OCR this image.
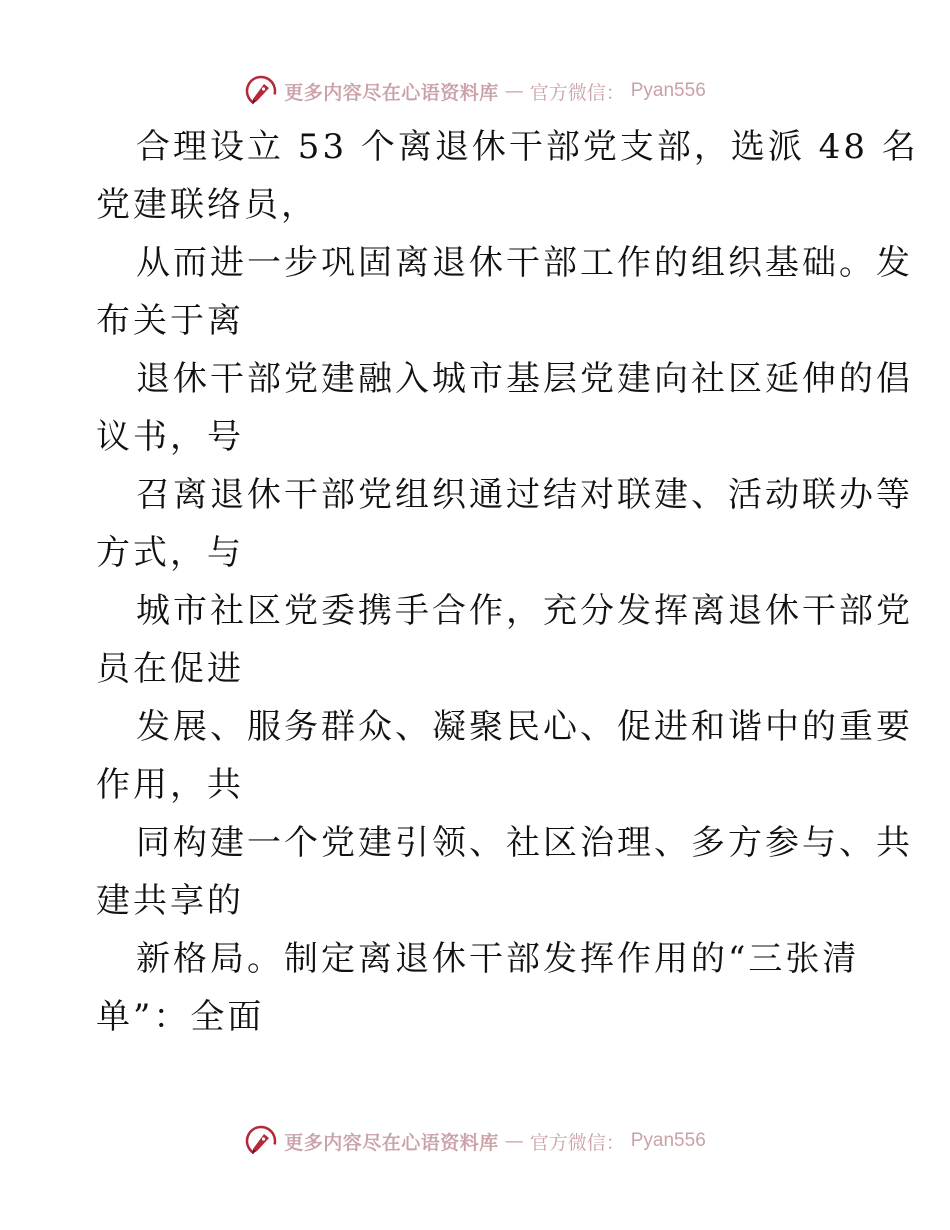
更多内容尽在心语资料库 — 官方微信： Pyan556
合理设立 53 个离退休干部党支部，选派 48 名
党建联络员，
从而进一步巩固离退休干部工作的组织基础。发
布关于离
退休干部党建融入城市基层党建向社区延伸的倡
议书，号
召离退休干部党组织通过结对联建、活动联办等
方式，与
城市社区党委携手合作，充分发挥离退休干部党
员在促进
发展、服务群众、凝聚民心、促进和谐中的重要
作用，共
同构建一个党建引领、社区治理、多方参与、共
建共享的
新格局。制定离退休干部发挥作用的“三张清
单”：全面
更多内容尽在心语资料库 — 官方微信： Pyan556
